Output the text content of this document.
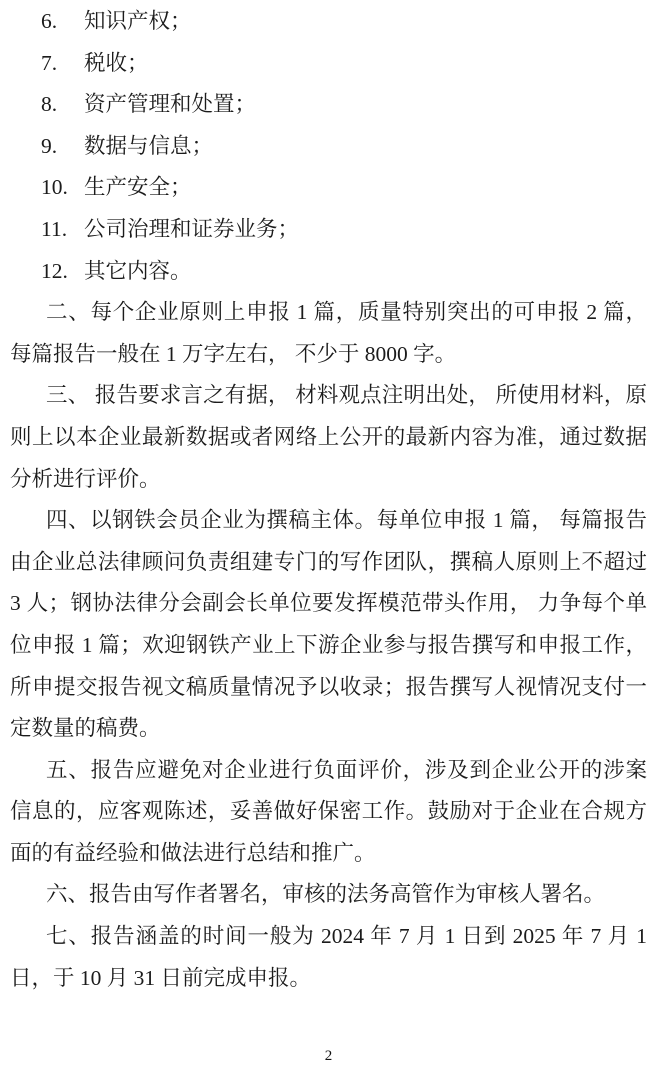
6. 知识产权；
7. 税收；
8. 资产管理和处置；
9. 数据与信息；
10. 生产安全；
11. 公司治理和证券业务；
12. 其它内容。

二、每个企业原则上申报 1 篇，质量特别突出的可申报 2 篇，每篇报告一般在 1 万字左右， 不少于 8000 字。

三、 报告要求言之有据， 材料观点注明出处， 所使用材料，原则上以本企业最新数据或者网络上公开的最新内容为准，通过数据分析进行评价。

四、以钢铁会员企业为撰稿主体。每单位申报 1 篇， 每篇报告由企业总法律顾问负责组建专门的写作团队，撰稿人原则上不超过 3 人；钢协法律分会副会长单位要发挥模范带头作用， 力争每个单位申报 1 篇；欢迎钢铁产业上下游企业参与报告撰写和申报工作，所申提交报告视文稿质量情况予以收录；报告撰写人视情况支付一定数量的稿费。

五、报告应避免对企业进行负面评价，涉及到企业公开的涉案信息的，应客观陈述，妥善做好保密工作。鼓励对于企业在合规方面的有益经验和做法进行总结和推广。

六、报告由写作者署名，审核的法务高管作为审核人署名。

七、报告涵盖的时间一般为 2024 年 7 月 1 日到 2025 年 7 月 1 日，于 10 月 31 日前完成申报。

2
